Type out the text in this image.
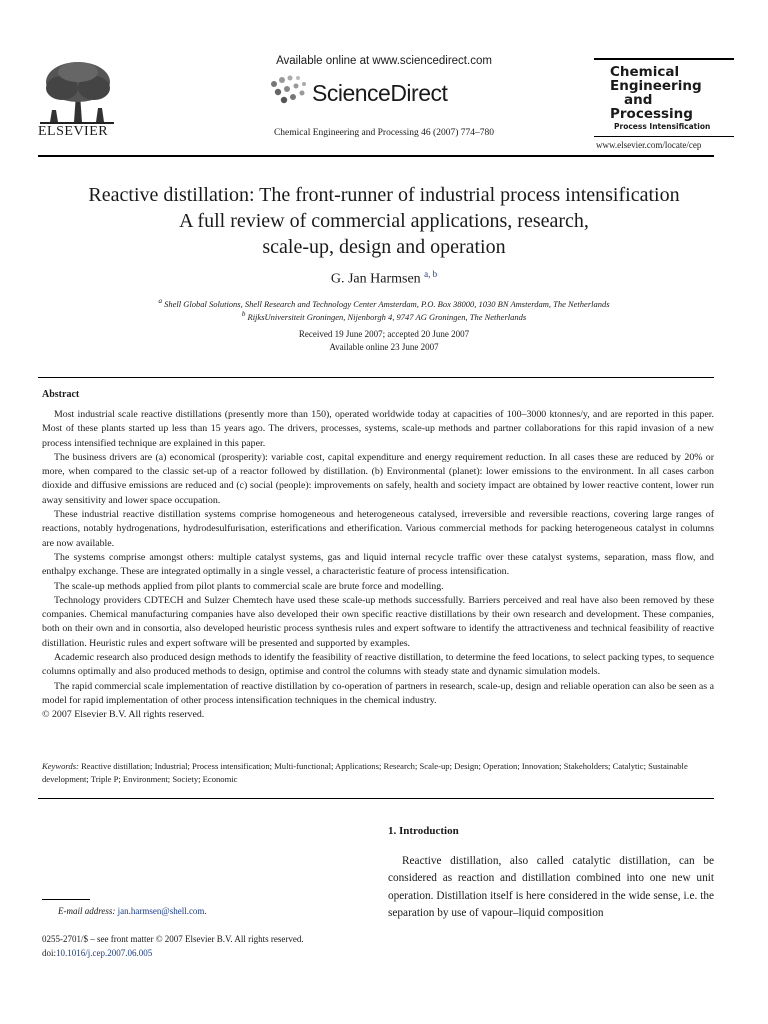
ELSEVIER
Available online at www.sciencedirect.com
ScienceDirect
Chemical Engineering and Processing 46 (2007) 774–780
Chemical
Engineering
and
Processing
Process Intensification
www.elsevier.com/locate/cep
Reactive distillation: The front-runner of industrial process intensification
A full review of commercial applications, research,
scale-up, design and operation
G. Jan Harmsen $^{a, b}$
$^a$ Shell Global Solutions, Shell Research and Technology Center Amsterdam, P.O. Box 38000, 1030 BN Amsterdam, The Netherlands
$^b$ RijksUniversiteit Groningen, Nijenborgh 4, 9747 AG Groningen, The Netherlands
Received 19 June 2007; accepted 20 June 2007
Available online 23 June 2007
Abstract

Most industrial scale reactive distillations (presently more than 150), operated worldwide today at capacities of 100–3000 ktonnes/y, and are reported in this paper. Most of these plants started up less than 15 years ago. The drivers, processes, systems, scale-up methods and partner collaborations for this rapid invasion of a new process intensified technique are explained in this paper.

The business drivers are (a) economical (prosperity): variable cost, capital expenditure and energy requirement reduction. In all cases these are reduced by 20% or more, when compared to the classic set-up of a reactor followed by distillation. (b) Environmental (planet): lower emissions to the environment. In all cases carbon dioxide and diffusive emissions are reduced and (c) social (people): improvements on safely, health and society impact are obtained by lower reactive content, lower run away sensitivity and lower space occupation.

These industrial reactive distillation systems comprise homogeneous and heterogeneous catalysed, irreversible and reversible reactions, covering large ranges of reactions, notably hydrogenations, hydrodesulfurisation, esterifications and etherification. Various commercial methods for packing heterogeneous catalyst in columns are now available.

The systems comprise amongst others: multiple catalyst systems, gas and liquid internal recycle traffic over these catalyst systems, separation, mass flow, and enthalpy exchange. These are integrated optimally in a single vessel, a characteristic feature of process intensification.

The scale-up methods applied from pilot plants to commercial scale are brute force and modelling.

Technology providers CDTECH and Sulzer Chemtech have used these scale-up methods successfully. Barriers perceived and real have also been removed by these companies. Chemical manufacturing companies have also developed their own specific reactive distillations by their own research and development. These companies, both on their own and in consortia, also developed heuristic process synthesis rules and expert software to identify the attractiveness and technical feasibility of reactive distillation. Heuristic rules and expert software will be presented and supported by examples.

Academic research also produced design methods to identify the feasibility of reactive distillation, to determine the feed locations, to select packing types, to sequence columns optimally and also produced methods to design, optimise and control the columns with steady state and dynamic simulation models.

The rapid commercial scale implementation of reactive distillation by co-operation of partners in research, scale-up, design and reliable operation can also be seen as a model for rapid implementation of other process intensification techniques in the chemical industry.

© 2007 Elsevier B.V. All rights reserved.

Keywords: Reactive distillation; Industrial; Process intensification; Multi-functional; Applications; Research; Scale-up; Design; Operation; Innovation; Stakeholders; Catalytic; Sustainable development; Triple P; Environment; Society; Economic
1. Introduction
Reactive distillation, also called catalytic distillation, can be considered as reaction and distillation combined into one new unit operation. Distillation itself is here considered in the wide sense, i.e. the separation by use of vapour–liquid composition
E-mail address: jan.harmsen@shell.com.
0255-2701/$ – see front matter © 2007 Elsevier B.V. All rights reserved.
doi:10.1016/j.cep.2007.06.005
